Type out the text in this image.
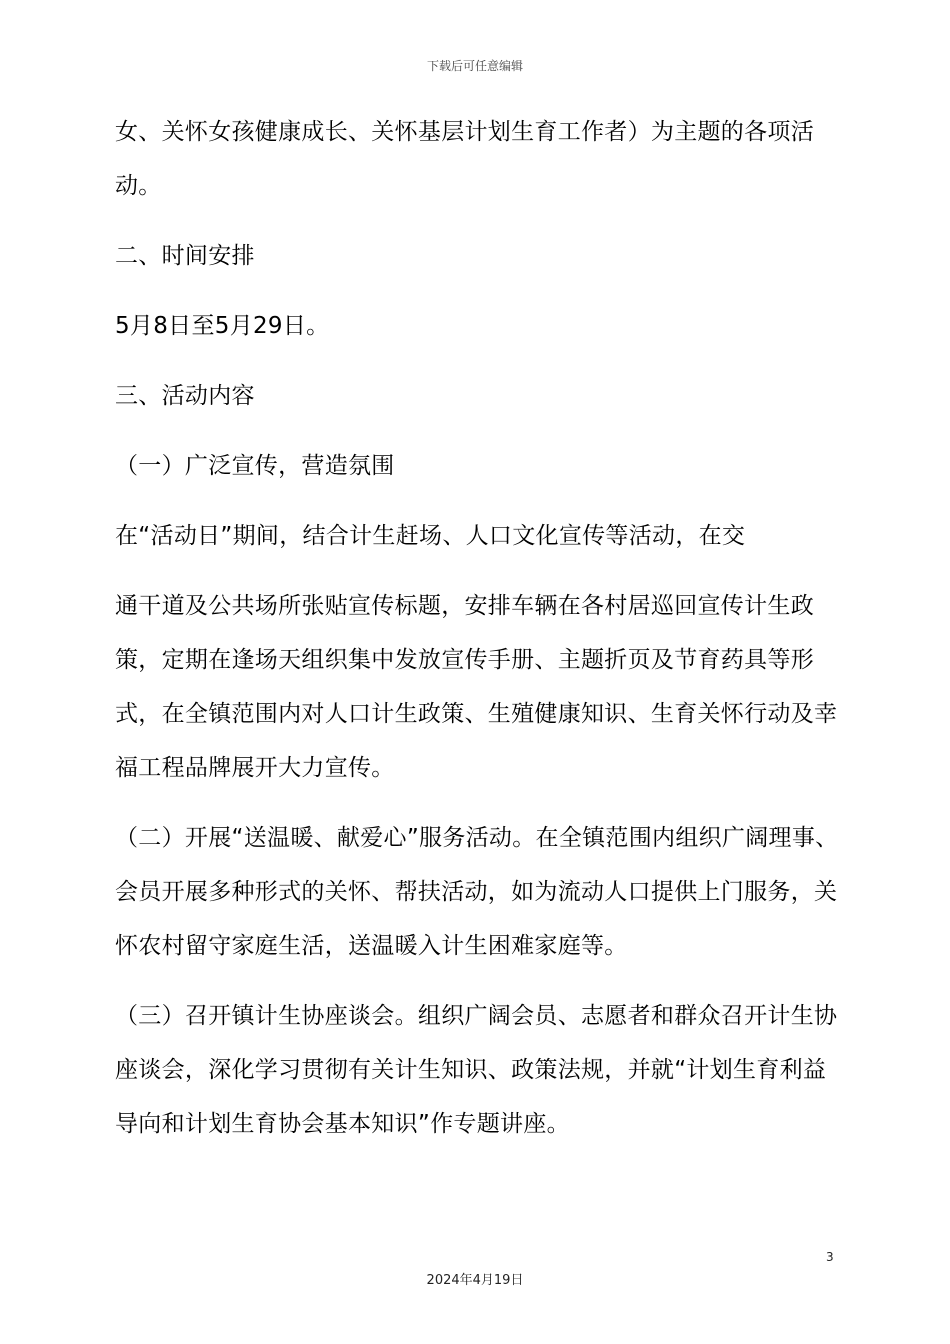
下载后可任意编辑
女、关怀女孩健康成长、关怀基层计划生育工作者）为主题的各项活
动。
二、时间安排
5月8日至5月29日。
三、活动内容
（一）广泛宣传，营造氛围
在“活动日”期间，结合计生赶场、人口文化宣传等活动，在交
通干道及公共场所张贴宣传标题，安排车辆在各村居巡回宣传计生政
策，定期在逢场天组织集中发放宣传手册、主题折页及节育药具等形
式，在全镇范围内对人口计生政策、生殖健康知识、生育关怀行动及幸
福工程品牌展开大力宣传。
（二）开展“送温暖、献爱心”服务活动。在全镇范围内组织广阔理事、
会员开展多种形式的关怀、帮扶活动，如为流动人口提供上门服务，关
怀农村留守家庭生活，送温暖入计生困难家庭等。
（三）召开镇计生协座谈会。组织广阔会员、志愿者和群众召开计生协
座谈会，深化学习贯彻有关计生知识、政策法规，并就“计划生育利益
导向和计划生育协会基本知识”作专题讲座。
3
2024年4月19日
